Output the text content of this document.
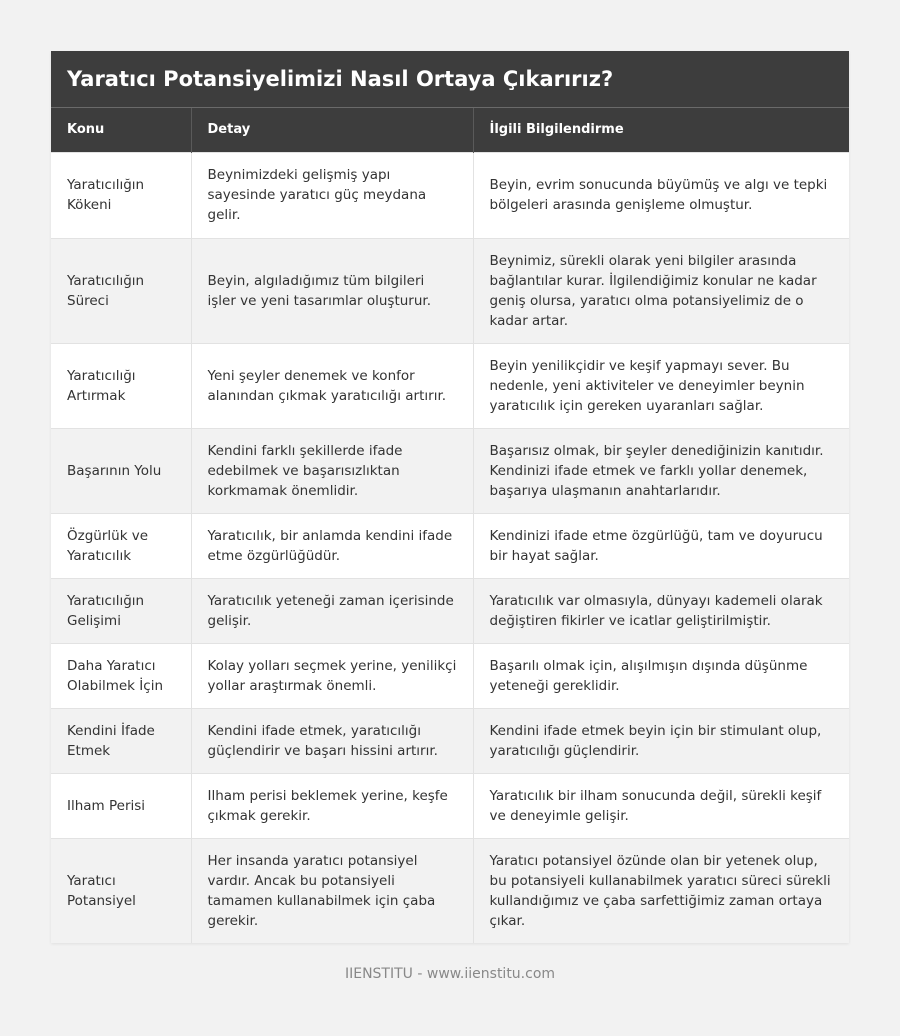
Yaratıcı Potansiyelimizi Nasıl Ortaya Çıkarırız?
Konu	Detay	İlgili Bilgilendirme
Yaratıcılığın Kökeni	Beynimizdeki gelişmiş yapı sayesinde yaratıcı güç meydana gelir.	Beyin, evrim sonucunda büyümüş ve algı ve tepki bölgeleri arasında genişleme olmuştur.
Yaratıcılığın Süreci	Beyin, algıladığımız tüm bilgileri işler ve yeni tasarımlar oluşturur.	Beynimiz, sürekli olarak yeni bilgiler arasında bağlantılar kurar. İlgilendiğimiz konular ne kadar geniş olursa, yaratıcı olma potansiyelimiz de o kadar artar.
Yaratıcılığı Artırmak	Yeni şeyler denemek ve konfor alanından çıkmak yaratıcılığı artırır.	Beyin yenilikçidir ve keşif yapmayı sever. Bu nedenle, yeni aktiviteler ve deneyimler beynin yaratıcılık için gereken uyaranları sağlar.
Başarının Yolu	Kendini farklı şekillerde ifade edebilmek ve başarısızlıktan korkmamak önemlidir.	Başarısız olmak, bir şeyler denediğinizin kanıtıdır. Kendinizi ifade etmek ve farklı yollar denemek, başarıya ulaşmanın anahtarlarıdır.
Özgürlük ve Yaratıcılık	Yaratıcılık, bir anlamda kendini ifade etme özgürlüğüdür.	Kendinizi ifade etme özgürlüğü, tam ve doyurucu bir hayat sağlar.
Yaratıcılığın Gelişimi	Yaratıcılık yeteneği zaman içerisinde gelişir.	Yaratıcılık var olmasıyla, dünyayı kademeli olarak değiştiren fikirler ve icatlar geliştirilmiştir.
Daha Yaratıcı Olabilmek İçin	Kolay yolları seçmek yerine, yenilikçi yollar araştırmak önemli.	Başarılı olmak için, alışılmışın dışında düşünme yeteneği gereklidir.
Kendini İfade Etmek	Kendini ifade etmek, yaratıcılığı güçlendirir ve başarı hissini artırır.	Kendini ifade etmek beyin için bir stimulant olup, yaratıcılığı güçlendirir.
Ilham Perisi	Ilham perisi beklemek yerine, keşfe çıkmak gerekir.	Yaratıcılık bir ilham sonucunda değil, sürekli keşif ve deneyimle gelişir.
Yaratıcı Potansiyel	Her insanda yaratıcı potansiyel vardır. Ancak bu potansiyeli tamamen kullanabilmek için çaba gerekir.	Yaratıcı potansiyel özünde olan bir yetenek olup, bu potansiyeli kullanabilmek yaratıcı süreci sürekli kullandığımız ve çaba sarfettiğimiz zaman ortaya çıkar.
IIENSTITU - www.iienstitu.com
